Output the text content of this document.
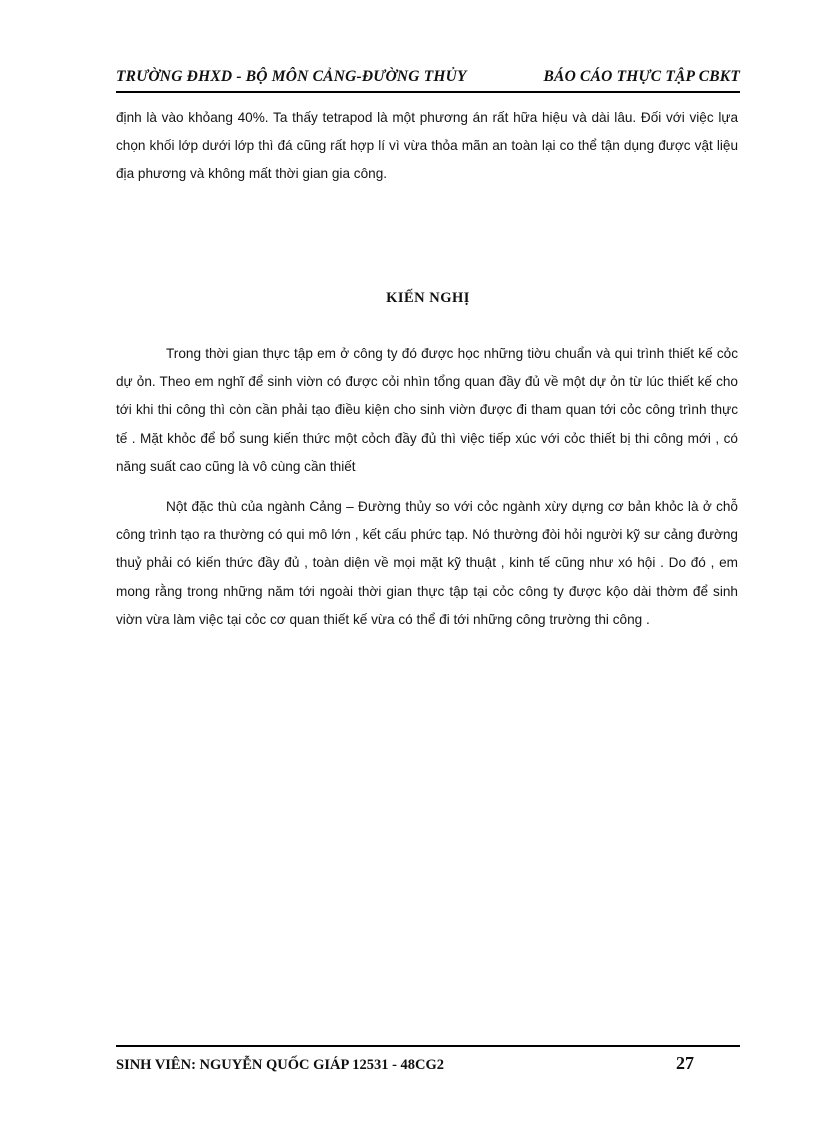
TRƯỜNG ĐHXD - BỘ MÔN CẢNG-ĐƯỜNG THỦY	BÁO CÁO THỰC TẬP CBKT
định là vào khỏang 40%. Ta thấy tetrapod là một phương án rất hữa hiệu và dài lâu. Đối với việc lựa chọn khối lớp dưới lớp thì đá cũng rất hợp lí vì vừa thỏa mãn an toàn lại co thể tận dụng được vật liệu địa phương và không mất thời gian gia công.
KIẾN NGHỊ
Trong thời gian thực tập em ở công ty đó được học những tiờu chuẩn và qui trình thiết kế cỏc dự ỏn. Theo em nghĩ để sinh viờn có được cỏi nhìn tổng quan đầy đủ về một dự ỏn từ lúc thiết kế cho tới khi thi công thì còn cần phải tạo điều kiện cho sinh viờn được đi tham quan tới cỏc công trình thực tế . Mặt khỏc để bổ sung kiến thức một cỏch đầy đủ thì việc tiếp xúc với cỏc thiết bị thi công mới , có năng suất cao cũng là vô cùng cần thiết
Nột đặc thù của ngành Cảng – Đường thủy so với cỏc ngành xừy dựng cơ bản khỏc là ở chỗ công trình tạo ra thường có qui mô lớn , kết cấu phức tạp. Nó thường đòi hỏi người kỹ sư cảng đường thuỷ phải có kiến thức đầy đủ , toàn diện về mọi mặt kỹ thuật , kinh tế cũng như xó hội . Do đó , em mong rằng trong những năm tới ngoài thời gian thực tập tại cỏc công ty được kộo dài thờm để sinh viờn vừa làm việc tại cỏc cơ quan thiết kế vừa có thể đi tới những công trường thi công .
SINH VIÊN: NGUYỄN QUỐC GIÁP 12531 - 48CG2	27
